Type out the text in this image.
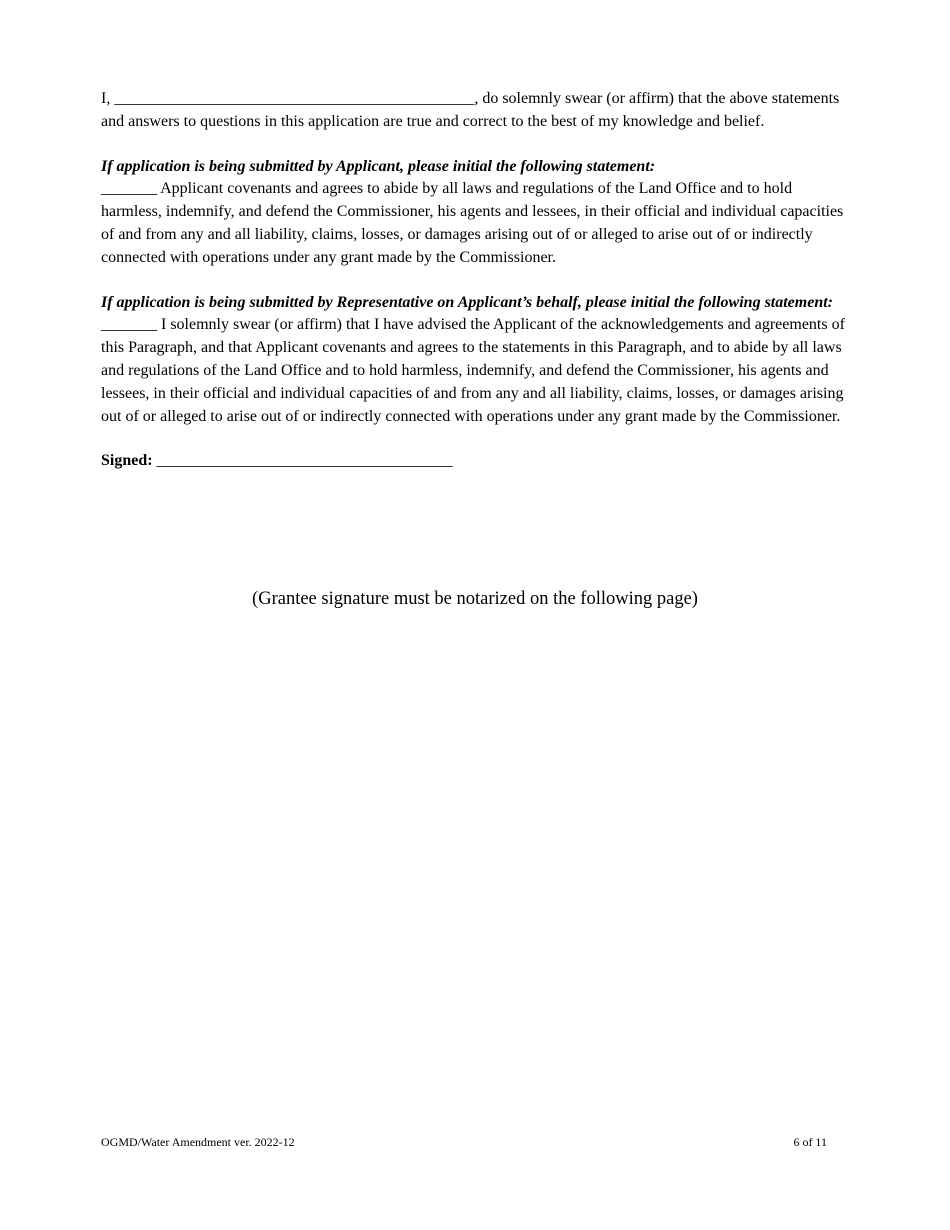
I, _____________________________________________, do solemnly swear (or affirm) that the above statements and answers to questions in this application are true and correct to the best of my knowledge and belief.

If application is being submitted by Applicant, please initial the following statement:
_______ Applicant covenants and agrees to abide by all laws and regulations of the Land Office and to hold harmless, indemnify, and defend the Commissioner, his agents and lessees, in their official and individual capacities of and from any and all liability, claims, losses, or damages arising out of or alleged to arise out of or indirectly connected with operations under any grant made by the Commissioner.

If application is being submitted by Representative on Applicant’s behalf, please initial the following statement:
_______ I solemnly swear (or affirm) that I have advised the Applicant of the acknowledgements and agreements of this Paragraph, and that Applicant covenants and agrees to the statements in this Paragraph, and to abide by all laws and regulations of the Land Office and to hold harmless, indemnify, and defend the Commissioner, his agents and lessees, in their official and individual capacities of and from any and all liability, claims, losses, or damages arising out of or alleged to arise out of or indirectly connected with operations under any grant made by the Commissioner.

Signed: _____________________________________

(Grantee signature must be notarized on the following page)
OGMD/Water Amendment ver. 2022-12	6 of 11
